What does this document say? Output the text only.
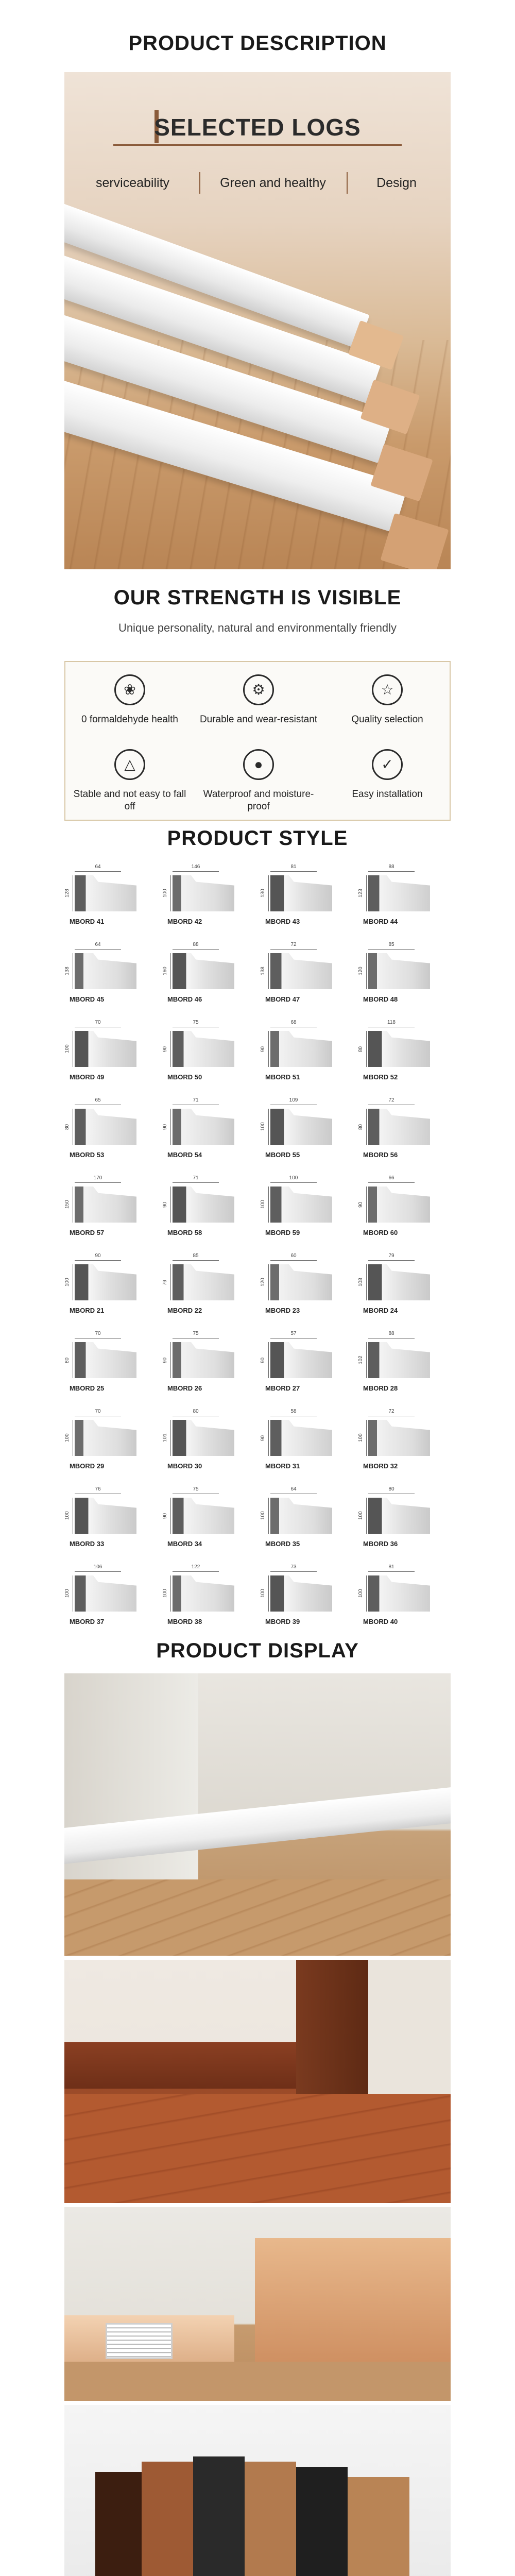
PRODUCT DESCRIPTION
SELECTED LOGS
serviceability	Green and healthy	Design
OUR STRENGTH IS VISIBLE
Unique personality, natural and environmentally friendly
❀
0 formaldehyde health
⚙
Durable and wear-resistant
☆
Quality selection
△
Stable and not easy to fall off
●
Waterproof and moisture-proof
✓
Easy installation
PRODUCT STYLE
64
128
MBORD 41
146
100
MBORD 42
81
130
MBORD 43
88
123
MBORD 44
64
138
MBORD 45
88
160
MBORD 46
72
138
MBORD 47
85
120
MBORD 48
70
100
MBORD 49
75
90
MBORD 50
68
90
MBORD 51
118
80
MBORD 52
65
80
MBORD 53
71
90
MBORD 54
109
100
MBORD 55
72
80
MBORD 56
170
150
MBORD 57
71
90
MBORD 58
100
100
MBORD 59
66
90
MBORD 60
90
100
MBORD 21
85
79
MBORD 22
60
120
MBORD 23
79
108
MBORD 24
70
80
MBORD 25
75
90
MBORD 26
57
90
MBORD 27
88
102
MBORD 28
70
100
MBORD 29
80
101
MBORD 30
58
90
MBORD 31
72
100
MBORD 32
76
100
MBORD 33
75
90
MBORD 34
64
100
MBORD 35
80
100
MBORD 36
106
100
MBORD 37
122
100
MBORD 38
73
100
MBORD 39
81
100
MBORD 40
PRODUCT DISPLAY
